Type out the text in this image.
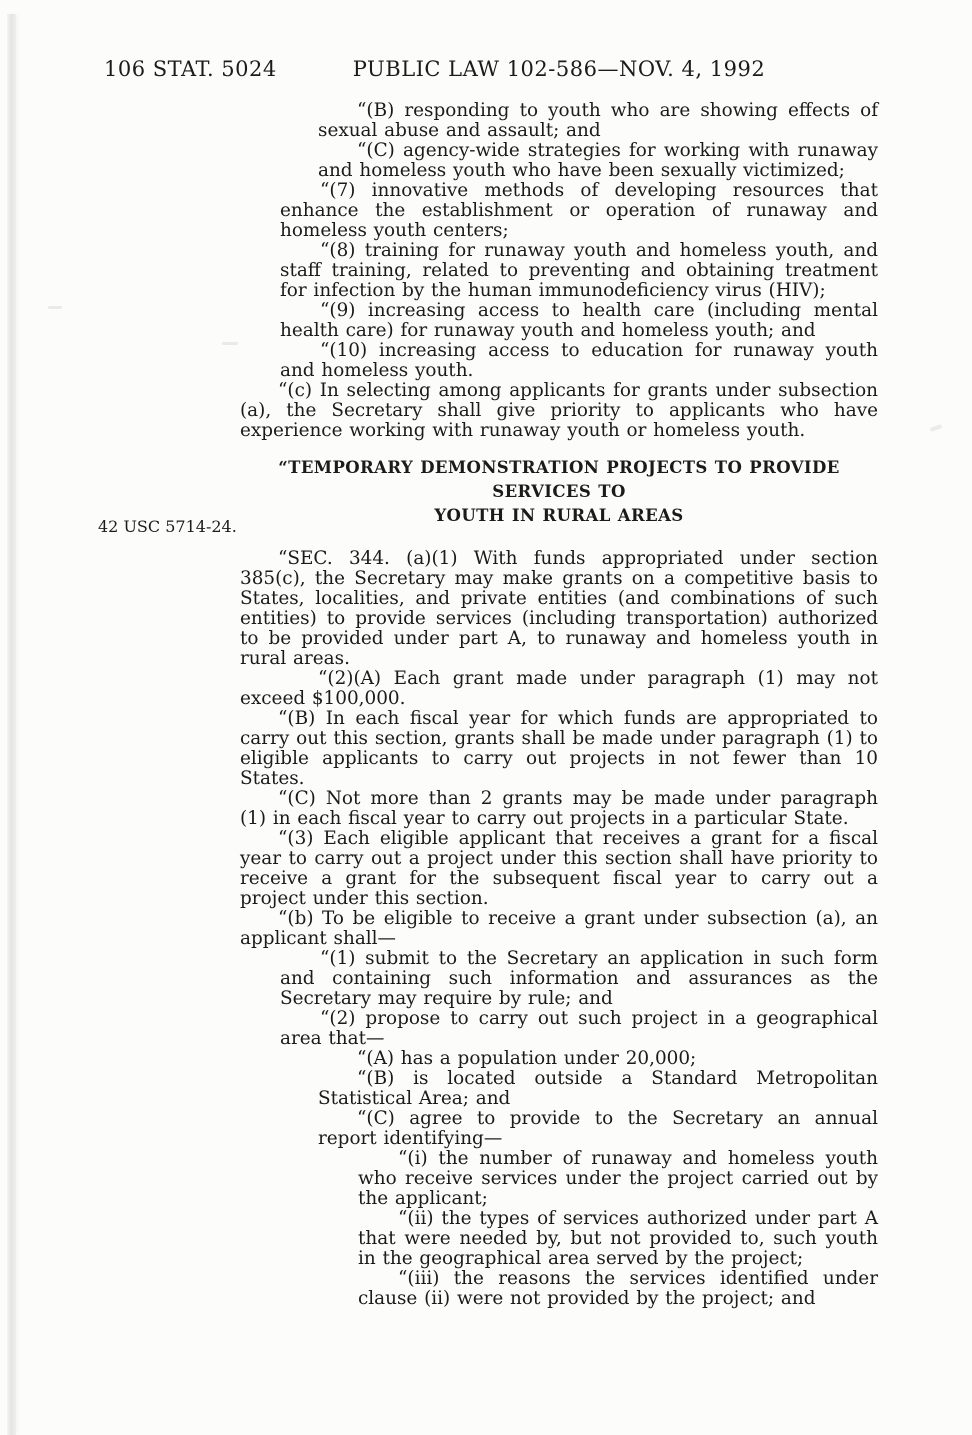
106 STAT. 5024	PUBLIC LAW 102-586—NOV. 4, 1992
42 USC 5714-24.

“(B) responding to youth who are showing effects of sexual abuse and assault; and

“(C) agency-wide strategies for working with runaway and homeless youth who have been sexually victimized;

“(7) innovative methods of developing resources that enhance the establishment or operation of runaway and homeless youth centers;

“(8) training for runaway youth and homeless youth, and staff training, related to preventing and obtaining treatment for infection by the human immunodeficiency virus (HIV);

“(9) increasing access to health care (including mental health care) for runaway youth and homeless youth; and

“(10) increasing access to education for runaway youth and homeless youth.

“(c) In selecting among applicants for grants under subsection (a), the Secretary shall give priority to applicants who have experience working with runaway youth or homeless youth.

“TEMPORARY DEMONSTRATION PROJECTS TO PROVIDE SERVICES TO
YOUTH IN RURAL AREAS

“SEC. 344. (a)(1) With funds appropriated under section 385(c), the Secretary may make grants on a competitive basis to States, localities, and private entities (and combinations of such entities) to provide services (including transportation) authorized to be provided under part A, to runaway and homeless youth in rural areas.

“(2)(A) Each grant made under paragraph (1) may not exceed $100,000.

“(B) In each fiscal year for which funds are appropriated to carry out this section, grants shall be made under paragraph (1) to eligible applicants to carry out projects in not fewer than 10 States.

“(C) Not more than 2 grants may be made under paragraph (1) in each fiscal year to carry out projects in a particular State.

“(3) Each eligible applicant that receives a grant for a fiscal year to carry out a project under this section shall have priority to receive a grant for the subsequent fiscal year to carry out a project under this section.

“(b) To be eligible to receive a grant under subsection (a), an applicant shall—

“(1) submit to the Secretary an application in such form and containing such information and assurances as the Secretary may require by rule; and

“(2) propose to carry out such project in a geographical area that—

“(A) has a population under 20,000;

“(B) is located outside a Standard Metropolitan Statistical Area; and

“(C) agree to provide to the Secretary an annual report identifying—

“(i) the number of runaway and homeless youth who receive services under the project carried out by the applicant;

“(ii) the types of services authorized under part A that were needed by, but not provided to, such youth in the geographical area served by the project;

“(iii) the reasons the services identified under clause (ii) were not provided by the project; and
